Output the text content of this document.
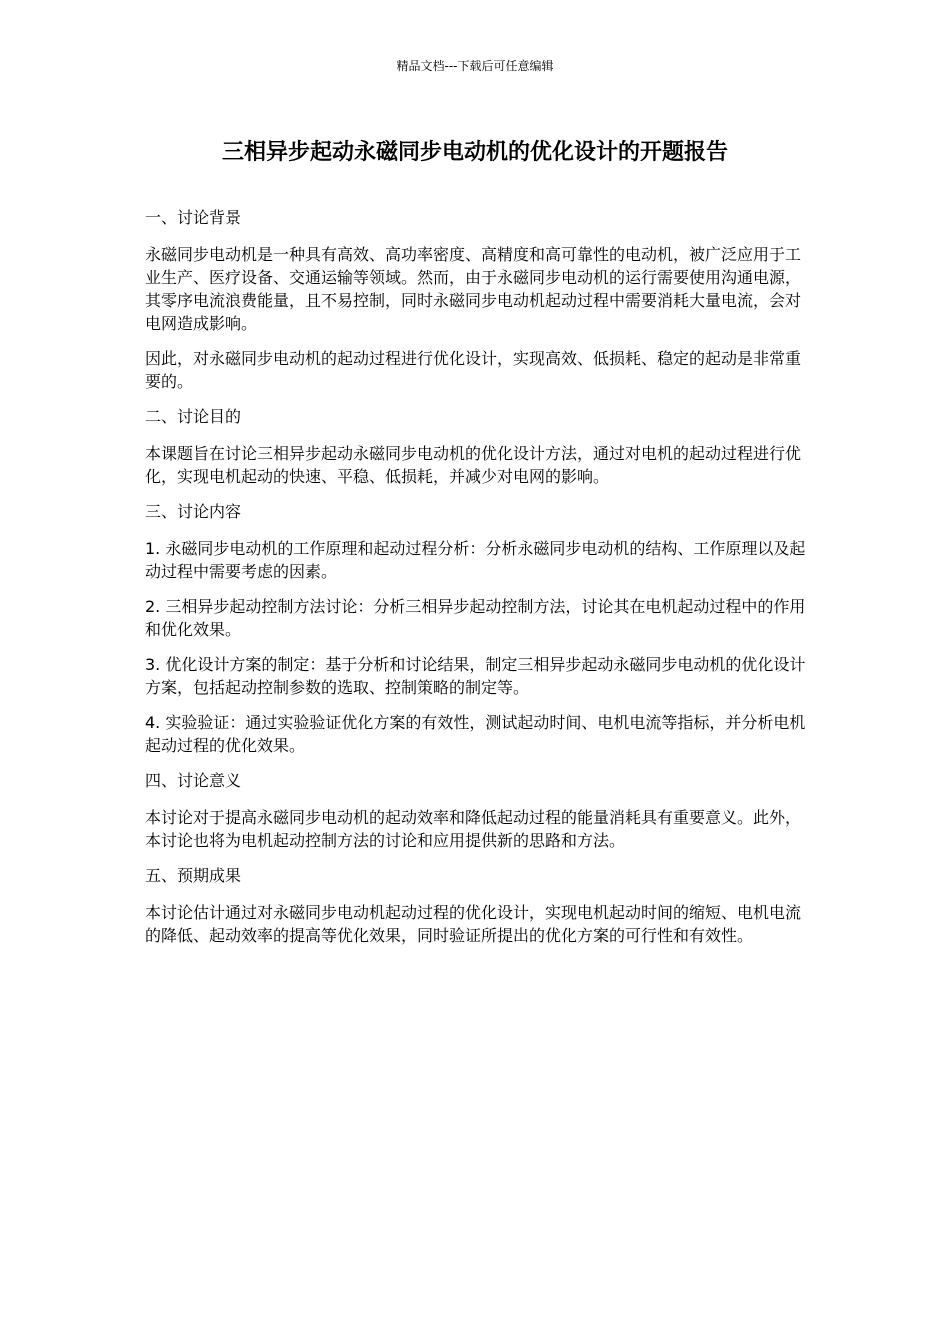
精品文档---下载后可任意编辑
三相异步起动永磁同步电动机的优化设计的开题报告

一、讨论背景

永磁同步电动机是一种具有高效、高功率密度、高精度和高可靠性的电动机，被广泛应用于工业生产、医疗设备、交通运输等领域。然而，由于永磁同步电动机的运行需要使用沟通电源，其零序电流浪费能量，且不易控制，同时永磁同步电动机起动过程中需要消耗大量电流，会对电网造成影响。

因此，对永磁同步电动机的起动过程进行优化设计，实现高效、低损耗、稳定的起动是非常重要的。

二、讨论目的

本课题旨在讨论三相异步起动永磁同步电动机的优化设计方法，通过对电机的起动过程进行优化，实现电机起动的快速、平稳、低损耗，并减少对电网的影响。

三、讨论内容

1. 永磁同步电动机的工作原理和起动过程分析：分析永磁同步电动机的结构、工作原理以及起动过程中需要考虑的因素。

2. 三相异步起动控制方法讨论：分析三相异步起动控制方法，讨论其在电机起动过程中的作用和优化效果。

3. 优化设计方案的制定：基于分析和讨论结果，制定三相异步起动永磁同步电动机的优化设计方案，包括起动控制参数的选取、控制策略的制定等。

4. 实验验证：通过实验验证优化方案的有效性，测试起动时间、电机电流等指标，并分析电机起动过程的优化效果。

四、讨论意义

本讨论对于提高永磁同步电动机的起动效率和降低起动过程的能量消耗具有重要意义。此外，本讨论也将为电机起动控制方法的讨论和应用提供新的思路和方法。

五、预期成果

本讨论估计通过对永磁同步电动机起动过程的优化设计，实现电机起动时间的缩短、电机电流的降低、起动效率的提高等优化效果，同时验证所提出的优化方案的可行性和有效性。
